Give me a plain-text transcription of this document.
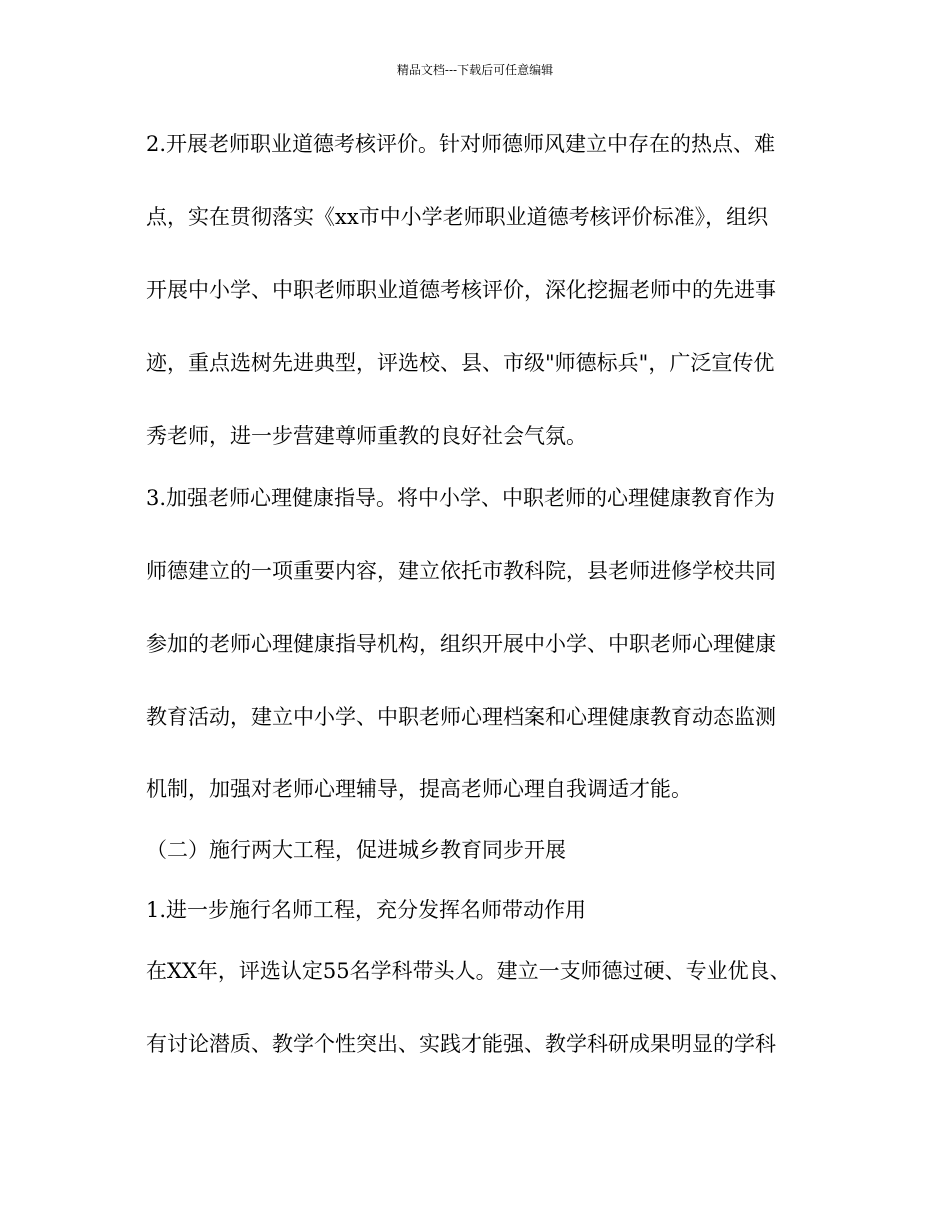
精品文档---下载后可任意编辑
2.开展老师职业道德考核评价。针对师德师风建立中存在的热点、难
点，实在贯彻落实《xx市中小学老师职业道德考核评价标准》，组织
开展中小学、中职老师职业道德考核评价，深化挖掘老师中的先进事
迹，重点选树先进典型，评选校、县、市级"师德标兵"，广泛宣传优
秀老师，进一步营建尊师重教的良好社会气氛。
3.加强老师心理健康指导。将中小学、中职老师的心理健康教育作为
师德建立的一项重要内容，建立依托市教科院，县老师进修学校共同
参加的老师心理健康指导机构，组织开展中小学、中职老师心理健康
教育活动，建立中小学、中职老师心理档案和心理健康教育动态监测
机制，加强对老师心理辅导，提高老师心理自我调适才能。
（二）施行两大工程，促进城乡教育同步开展
1.进一步施行名师工程，充分发挥名师带动作用
在XX年，评选认定55名学科带头人。建立一支师德过硬、专业优良、
有讨论潜质、教学个性突出、实践才能强、教学科研成果明显的学科
